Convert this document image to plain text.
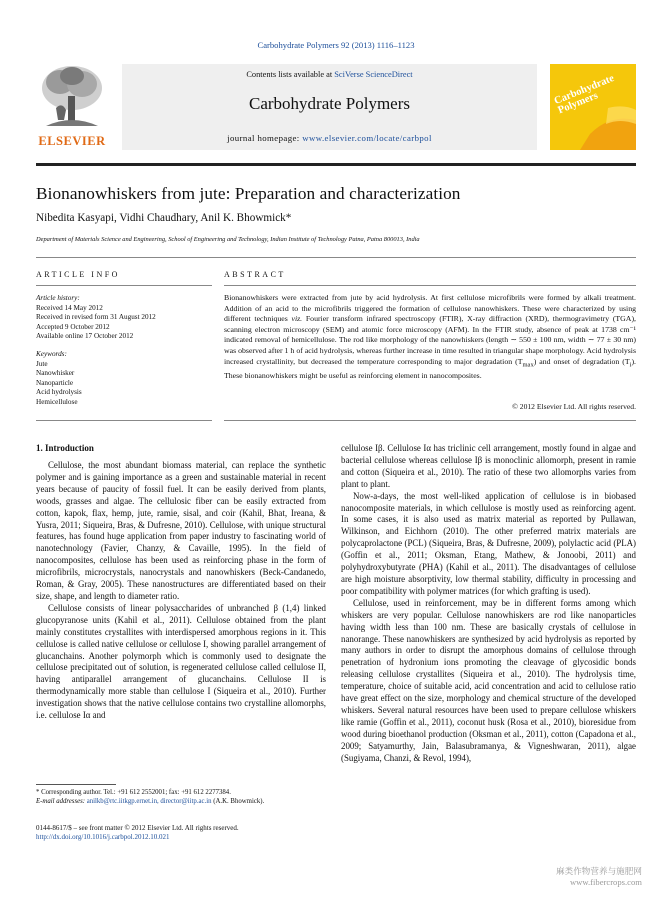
Carbohydrate Polymers 92 (2013) 1116–1123
Contents lists available at SciVerse ScienceDirect
Carbohydrate Polymers
journal homepage: www.elsevier.com/locate/carbpol
ELSEVIER
Carbohydrate Polymers
Bionanowhiskers from jute: Preparation and characterization
Nibedita Kasyapi, Vidhi Chaudhary, Anil K. Bhowmick*
Department of Materials Science and Engineering, School of Engineering and Technology, Indian Institute of Technology Patna, Patna 800013, India
ARTICLE INFO
Article history:
Received 14 May 2012
Received in revised form 31 August 2012
Accepted 9 October 2012
Available online 17 October 2012
Keywords:
Jute
Nanowhisker
Nanoparticle
Acid hydrolysis
Hemicellulose
ABSTRACT
Bionanowhiskers were extracted from jute by acid hydrolysis. At first cellulose microfibrils were formed by alkali treatment. Addition of an acid to the microfibrils triggered the formation of cellulose nanowhiskers. These were characterized by using different techniques viz. Fourier transform infrared spectroscopy (FTIR), X-ray diffraction (XRD), thermogravimetry (TGA), scanning electron microscopy (SEM) and atomic force microscopy (AFM). In the FTIR study, absence of peak at 1738 cm⁻¹ indicated removal of hemicellulose. The rod like morphology of the nanowhiskers (length ∼ 550 ± 100 nm, width ∼ 77 ± 30 nm) was observed after 1 h of acid hydrolysis, whereas further increase in time resulted in triangular shape morphology. Acid hydrolysis increased crystallinity, but decreased the temperature corresponding to major degradation $(T_{max})$ and onset of degradation $(T_i)$. These bionanowhiskers might be useful as reinforcing element in nanocomposites.
© 2012 Elsevier Ltd. All rights reserved.
1. Introduction

Cellulose, the most abundant biomass material, can replace the synthetic polymer and is gaining importance as a green and sustainable material in recent years because of paucity of fossil fuel. It can be easily derived from plants, woods, grasses and algae. The cellulosic fiber can be easily extracted from cotton, kapok, flax, hemp, jute, ramie, sisal, and coir (Kahil, Bhat, Ireana, & Yusra, 2011; Siqueira, Bras, & Dufresne, 2010). Cellulose, with unique structural features, has found huge application from paper industry to fascinating world of nanotechnology (Favier, Chanzy, & Cavaille, 1995). In the field of nanocomposites, cellulose has been used as reinforcing phase in the form of microfibrils, microcrystals, nanocrystals and nanowhiskers (Beck-Candanedo, Roman, & Gray, 2005). These nanostructures are differentiated based on their size, shape, and length to diameter ratio.

Cellulose consists of linear polysaccharides of unbranched β (1,4) linked glucopyranose units (Kahil et al., 2011). Cellulose obtained from the plant mainly constitutes crystallites with interdispersed amorphous regions in it. This cellulose is called native cellulose or cellulose I, showing parallel arrangement of glucanchains. Another polymorph which is commonly used to designate the cellulose precipitated out of solution, is regenerated cellulose called cellulose II, having antiparallel arrangement of glucanchains. Cellulose II is thermodynamically more stable than cellulose I (Siqueira et al., 2010). Further investigation shows that the native cellulose contains two crystalline allomorphs, i.e. cellulose Iα and

cellulose Iβ. Cellulose Iα has triclinic cell arrangement, mostly found in algae and bacterial cellulose whereas cellulose Iβ is monoclinic allomorph, present in ramie and cotton (Siqueira et al., 2010). The ratio of these two allomorphs varies from plant to plant.

Now-a-days, the most well-liked application of cellulose is in biobased nanocomposite materials, in which cellulose is mostly used as reinforcing agent. In some cases, it is also used as matrix material as reported by Pullawan, Wilkinson, and Eichhorn (2010). The other preferred matrix materials are polycaprolactone (PCL) (Siqueira, Bras, & Dufresne, 2009), polylactic acid (PLA) (Goffin et al., 2011; Oksman, Etang, Mathew, & Jonoobi, 2011) and polyhydroxybutyrate (PHA) (Kahil et al., 2011). The disadvantages of cellulose are high moisture absorptivity, low thermal stability, difficulty in processing and poor compatibility with polymer matrices (for which grafting is used).

Cellulose, used in reinforcement, may be in different forms among which whiskers are very popular. Cellulose nanowhiskers are rod like nanoparticles having width less than 100 nm. These are basically crystals of cellulose in nanorange. These nanowhiskers are synthesized by acid hydrolysis as reported by many authors in order to disrupt the amorphous domains of cellulose through penetration of hydronium ions promoting the cleavage of glycosidic bonds releasing cellulose crystallites (Siqueira et al., 2010). The hydrolysis time, temperature, choice of suitable acid, acid concentration and acid to cellulose ratio have great effect on the size, morphology and chemical structure of the developed whiskers. Several natural resources have been used to prepare cellulose whiskers like ramie (Goffin et al., 2011), coconut husk (Rosa et al., 2010), bioresidue from wood during bioethanol production (Oksman et al., 2011), cotton (Capadona et al., 2009; Satyamurthy, Jain, Balasubramanya, & Vigneshwaran, 2011), algae (Sugiyama, Chanzi, & Revol, 1994),

* Corresponding author. Tel.: +91 612 2552001; fax: +91 612 2277384.
E-mail addresses: anilkb@rtc.iitkgp.ernet.in, director@iitp.ac.in (A.K. Bhowmick).
0144-8617/$ – see front matter © 2012 Elsevier Ltd. All rights reserved.
http://dx.doi.org/10.1016/j.carbpol.2012.10.021
麻类作物营养与施肥网
www.fibercrops.com
